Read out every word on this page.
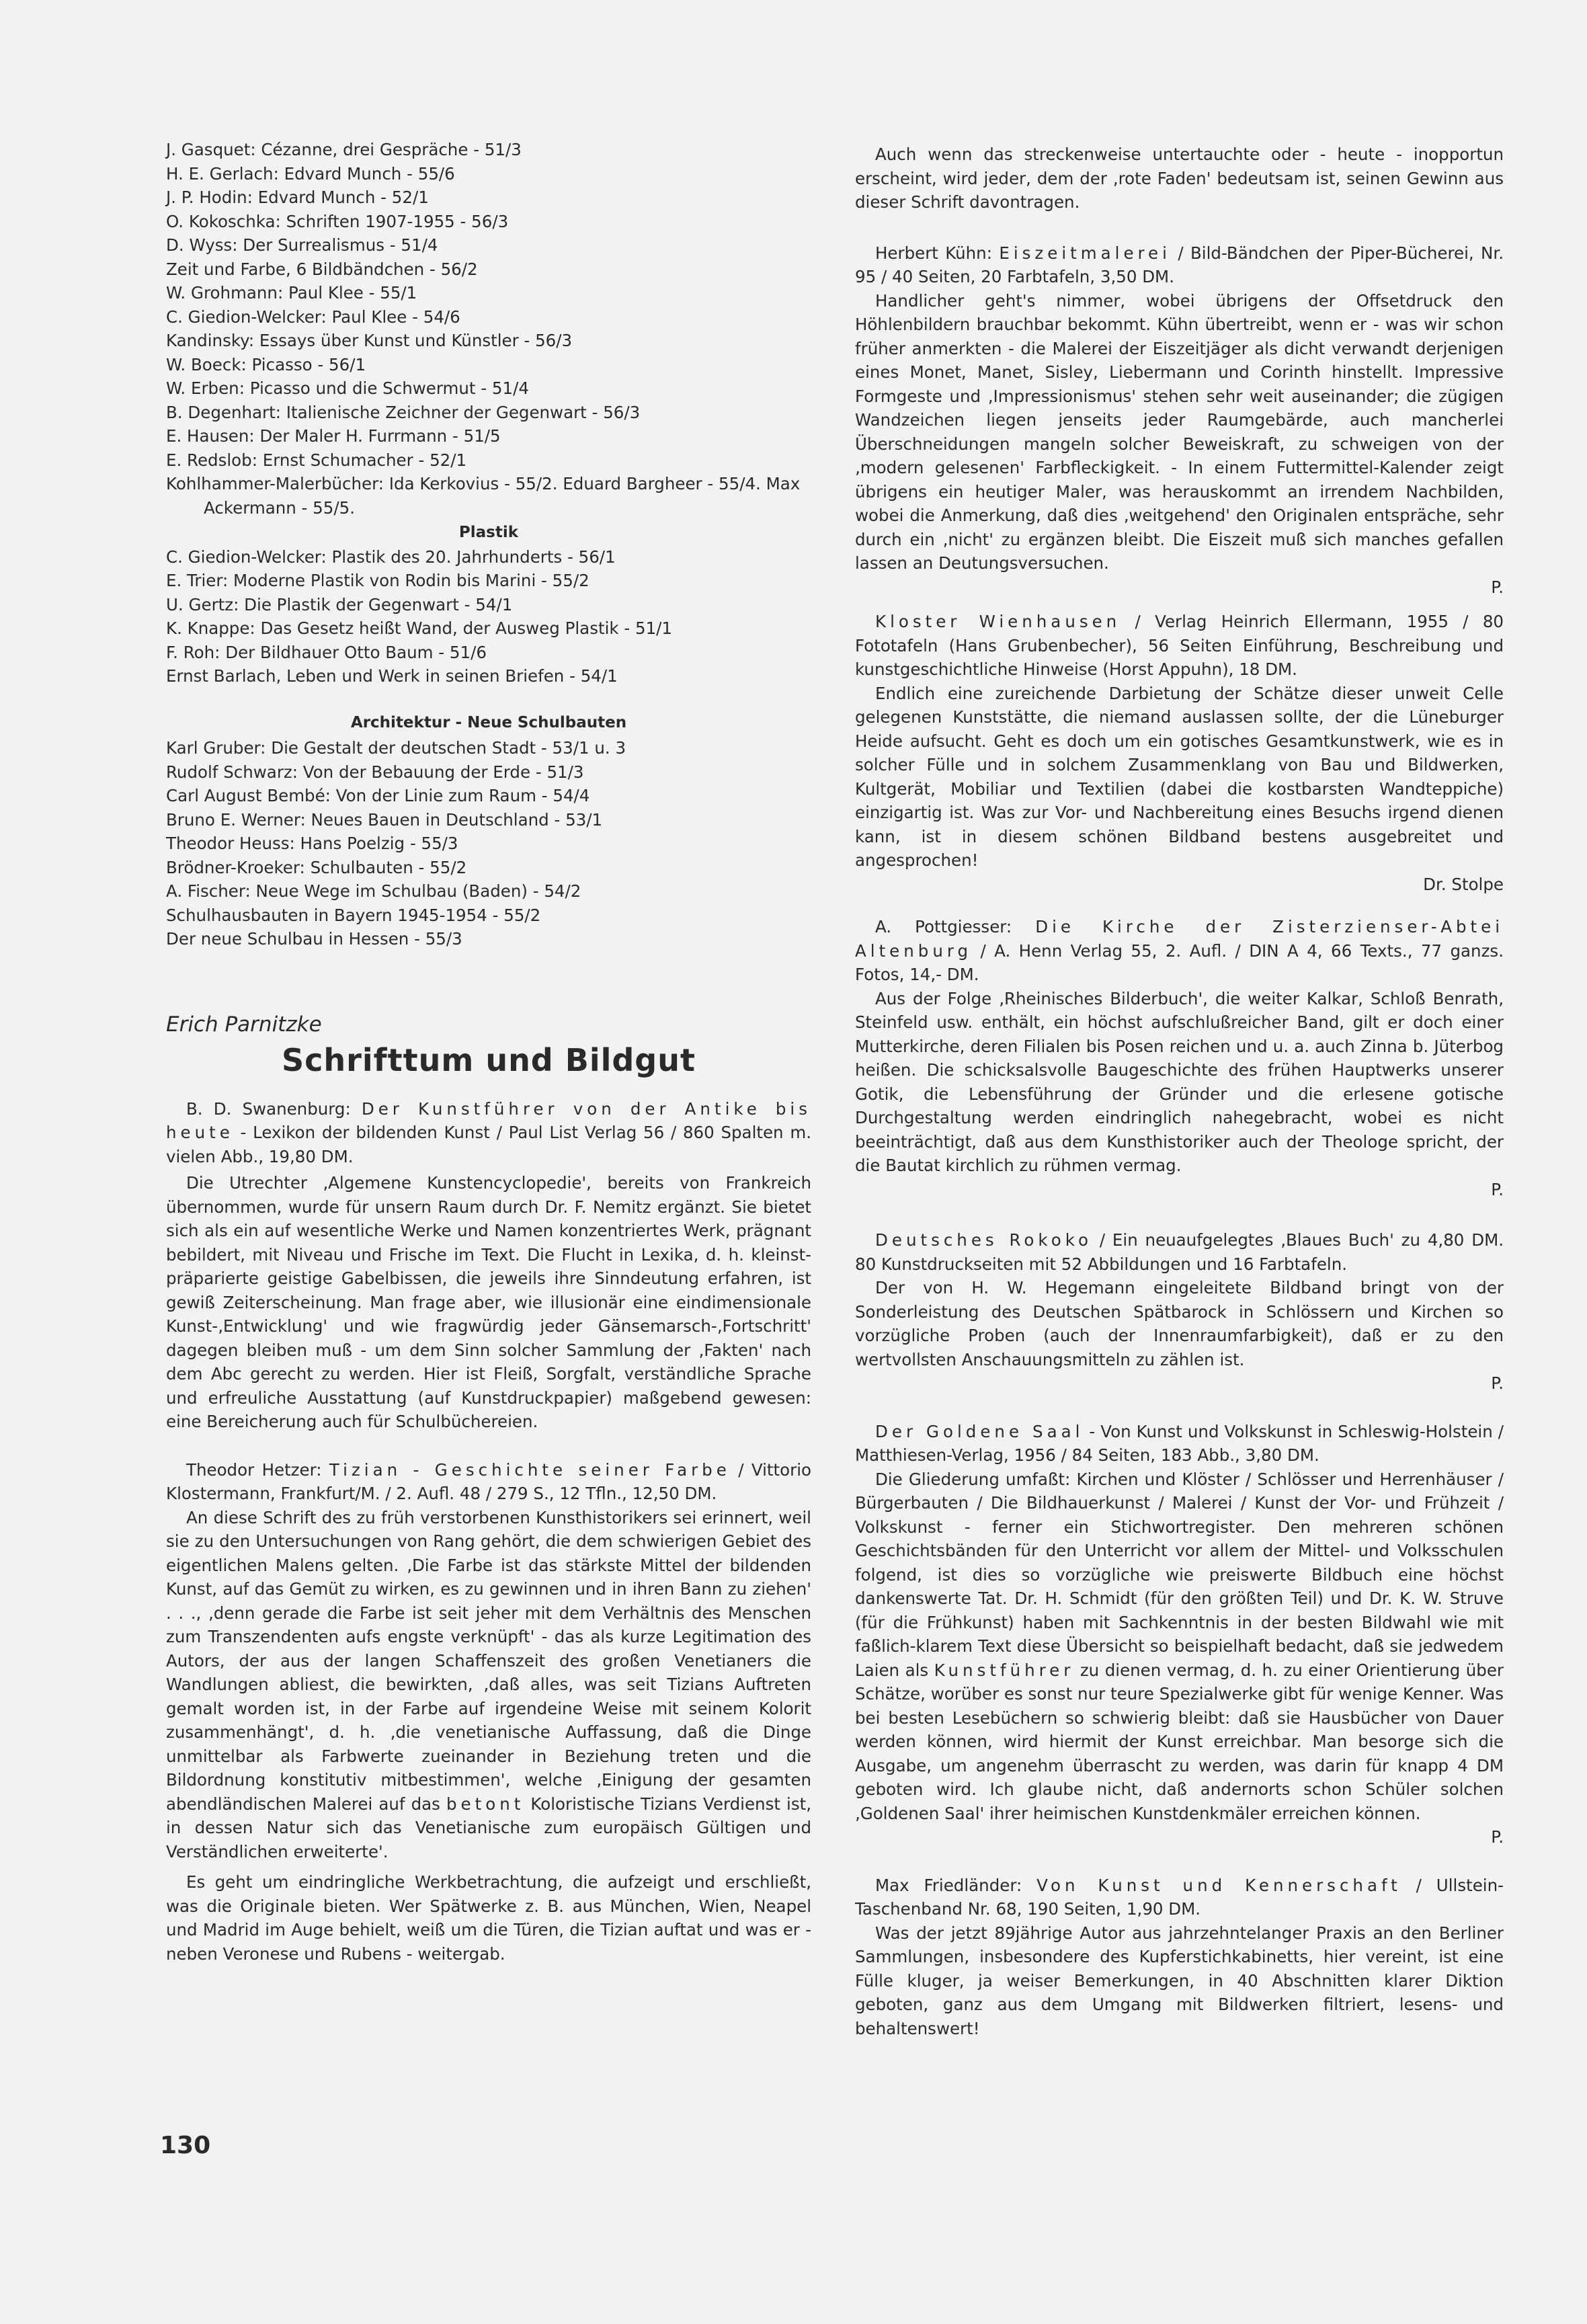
J. Gasquet: Cézanne, drei Gespräche - 51/3

H. E. Gerlach: Edvard Munch - 55/6

J. P. Hodin: Edvard Munch - 52/1

O. Kokoschka: Schriften 1907-1955 - 56/3

D. Wyss: Der Surrealismus - 51/4

Zeit und Farbe, 6 Bildbändchen - 56/2

W. Grohmann: Paul Klee - 55/1

C. Giedion-Welcker: Paul Klee - 54/6

Kandinsky: Essays über Kunst und Künstler - 56/3

W. Boeck: Picasso - 56/1

W. Erben: Picasso und die Schwermut - 51/4

B. Degenhart: Italienische Zeichner der Gegenwart - 56/3

E. Hausen: Der Maler H. Furrmann - 51/5

E. Redslob: Ernst Schumacher - 52/1

Kohlhammer-Malerbücher: Ida Kerkovius - 55/2. Eduard Bargheer - 55/4. Max Ackermann - 55/5.

Plastik

C. Giedion-Welcker: Plastik des 20. Jahrhunderts - 56/1

E. Trier: Moderne Plastik von Rodin bis Marini - 55/2

U. Gertz: Die Plastik der Gegenwart - 54/1

K. Knappe: Das Gesetz heißt Wand, der Ausweg Plastik - 51/1

F. Roh: Der Bildhauer Otto Baum - 51/6

Ernst Barlach, Leben und Werk in seinen Briefen - 54/1

Architektur - Neue Schulbauten

Karl Gruber: Die Gestalt der deutschen Stadt - 53/1 u. 3

Rudolf Schwarz: Von der Bebauung der Erde - 51/3

Carl August Bembé: Von der Linie zum Raum - 54/4

Bruno E. Werner: Neues Bauen in Deutschland - 53/1

Theodor Heuss: Hans Poelzig - 55/3

Brödner-Kroeker: Schulbauten - 55/2

A. Fischer: Neue Wege im Schulbau (Baden) - 54/2

Schulhausbauten in Bayern 1945-1954 - 55/2

Der neue Schulbau in Hessen - 55/3

Erich Parnitzke

Schrifttum und Bildgut

B. D. Swanenburg: Der Kunstführer von der Antike bis heute - Lexikon der bildenden Kunst / Paul List Verlag 56 / 860 Spalten m. vielen Abb., 19,80 DM.

Die Utrechter ‚Algemene Kunstencyclopedie', bereits von Frankreich übernommen, wurde für unsern Raum durch Dr. F. Nemitz ergänzt. Sie bietet sich als ein auf wesentliche Werke und Namen konzentriertes Werk, prägnant bebildert, mit Niveau und Frische im Text. Die Flucht in Lexika, d. h. kleinst-präparierte geistige Gabelbissen, die jeweils ihre Sinndeutung erfahren, ist gewiß Zeiterscheinung. Man frage aber, wie illusionär eine eindimensionale Kunst-‚Entwicklung' und wie fragwürdig jeder Gänsemarsch-‚Fortschritt' dagegen bleiben muß - um dem Sinn solcher Sammlung der ‚Fakten' nach dem Abc gerecht zu werden. Hier ist Fleiß, Sorgfalt, verständliche Sprache und erfreuliche Ausstattung (auf Kunstdruckpapier) maßgebend gewesen: eine Bereicherung auch für Schulbüchereien.

Theodor Hetzer: Tizian - Geschichte seiner Farbe / Vittorio Klostermann, Frankfurt/M. / 2. Aufl. 48 / 279 S., 12 Tfln., 12,50 DM.

An diese Schrift des zu früh verstorbenen Kunsthistorikers sei erinnert, weil sie zu den Untersuchungen von Rang gehört, die dem schwierigen Gebiet des eigentlichen Malens gelten. ‚Die Farbe ist das stärkste Mittel der bildenden Kunst, auf das Gemüt zu wirken, es zu gewinnen und in ihren Bann zu ziehen' . . ., ‚denn gerade die Farbe ist seit jeher mit dem Verhältnis des Menschen zum Transzendenten aufs engste verknüpft' - das als kurze Legitimation des Autors, der aus der langen Schaffenszeit des großen Venetianers die Wandlungen abliest, die bewirkten, ‚daß alles, was seit Tizians Auftreten gemalt worden ist, in der Farbe auf irgendeine Weise mit seinem Kolorit zusammenhängt', d. h. ‚die venetianische Auffassung, daß die Dinge unmittelbar als Farbwerte zueinander in Beziehung treten und die Bildordnung konstitutiv mitbestimmen', welche ‚Einigung der gesamten abendländischen Malerei auf das betont Koloristische Tizians Verdienst ist, in dessen Natur sich das Venetianische zum europäisch Gültigen und Verständlichen erweiterte'.

Es geht um eindringliche Werkbetrachtung, die aufzeigt und erschließt, was die Originale bieten. Wer Spätwerke z. B. aus München, Wien, Neapel und Madrid im Auge behielt, weiß um die Türen, die Tizian auftat und was er - neben Veronese und Rubens - weitergab.

130

Auch wenn das streckenweise untertauchte oder - heute - inopportun erscheint, wird jeder, dem der ‚rote Faden' bedeutsam ist, seinen Gewinn aus dieser Schrift davontragen.

Herbert Kühn: Eiszeitmalerei / Bild-Bändchen der Piper-Bücherei, Nr. 95 / 40 Seiten, 20 Farbtafeln, 3,50 DM.

Handlicher geht's nimmer, wobei übrigens der Offsetdruck den Höhlenbildern brauchbar bekommt. Kühn übertreibt, wenn er - was wir schon früher anmerkten - die Malerei der Eiszeitjäger als dicht verwandt derjenigen eines Monet, Manet, Sisley, Liebermann und Corinth hinstellt. Impressive Formgeste und ‚Impressionismus' stehen sehr weit auseinander; die zügigen Wandzeichen liegen jenseits jeder Raumgebärde, auch mancherlei Überschneidungen mangeln solcher Beweiskraft, zu schweigen von der ‚modern gelesenen' Farbfleckigkeit. - In einem Futtermittel-Kalender zeigt übrigens ein heutiger Maler, was herauskommt an irrendem Nachbilden, wobei die Anmerkung, daß dies ‚weitgehend' den Originalen entspräche, sehr durch ein ‚nicht' zu ergänzen bleibt. Die Eiszeit muß sich manches gefallen lassen an Deutungsversuchen.

P.

Kloster Wienhausen / Verlag Heinrich Ellermann, 1955 / 80 Fototafeln (Hans Grubenbecher), 56 Seiten Einführung, Beschreibung und kunstgeschichtliche Hinweise (Horst Appuhn), 18 DM.

Endlich eine zureichende Darbietung der Schätze dieser unweit Celle gelegenen Kunststätte, die niemand auslassen sollte, der die Lüneburger Heide aufsucht. Geht es doch um ein gotisches Gesamtkunstwerk, wie es in solcher Fülle und in solchem Zusammenklang von Bau und Bildwerken, Kultgerät, Mobiliar und Textilien (dabei die kostbarsten Wandteppiche) einzigartig ist. Was zur Vor- und Nachbereitung eines Besuchs irgend dienen kann, ist in diesem schönen Bildband bestens ausgebreitet und angesprochen!

Dr. Stolpe

A. Pottgiesser: Die Kirche der Zisterzienser-Abtei Altenburg / A. Henn Verlag 55, 2. Aufl. / DIN A 4, 66 Texts., 77 ganzs. Fotos, 14,- DM.

Aus der Folge ‚Rheinisches Bilderbuch', die weiter Kalkar, Schloß Benrath, Steinfeld usw. enthält, ein höchst aufschlußreicher Band, gilt er doch einer Mutterkirche, deren Filialen bis Posen reichen und u. a. auch Zinna b. Jüterbog heißen. Die schicksalsvolle Baugeschichte des frühen Hauptwerks unserer Gotik, die Lebensführung der Gründer und die erlesene gotische Durchgestaltung werden eindringlich nahegebracht, wobei es nicht beeinträchtigt, daß aus dem Kunsthistoriker auch der Theologe spricht, der die Bautat kirchlich zu rühmen vermag.

P.

Deutsches Rokoko / Ein neuaufgelegtes ‚Blaues Buch' zu 4,80 DM. 80 Kunstdruckseiten mit 52 Abbildungen und 16 Farbtafeln.

Der von H. W. Hegemann eingeleitete Bildband bringt von der Sonderleistung des Deutschen Spätbarock in Schlössern und Kirchen so vorzügliche Proben (auch der Innenraumfarbigkeit), daß er zu den wertvollsten Anschauungsmitteln zu zählen ist.

P.

Der Goldene Saal - Von Kunst und Volkskunst in Schleswig-Holstein / Matthiesen-Verlag, 1956 / 84 Seiten, 183 Abb., 3,80 DM.

Die Gliederung umfaßt: Kirchen und Klöster / Schlösser und Herrenhäuser / Bürgerbauten / Die Bildhauerkunst / Malerei / Kunst der Vor- und Frühzeit / Volkskunst - ferner ein Stichwortregister. Den mehreren schönen Geschichtsbänden für den Unterricht vor allem der Mittel- und Volksschulen folgend, ist dies so vorzügliche wie preiswerte Bildbuch eine höchst dankenswerte Tat. Dr. H. Schmidt (für den größten Teil) und Dr. K. W. Struve (für die Frühkunst) haben mit Sachkenntnis in der besten Bildwahl wie mit faßlich-klarem Text diese Übersicht so beispielhaft bedacht, daß sie jedwedem Laien als Kunstführer zu dienen vermag, d. h. zu einer Orientierung über Schätze, worüber es sonst nur teure Spezialwerke gibt für wenige Kenner. Was bei besten Lesebüchern so schwierig bleibt: daß sie Hausbücher von Dauer werden können, wird hiermit der Kunst erreichbar. Man besorge sich die Ausgabe, um angenehm überrascht zu werden, was darin für knapp 4 DM geboten wird. Ich glaube nicht, daß andernorts schon Schüler solchen ‚Goldenen Saal' ihrer heimischen Kunstdenkmäler erreichen können.

P.

Max Friedländer: Von Kunst und Kennerschaft / Ullstein-Taschenband Nr. 68, 190 Seiten, 1,90 DM.

Was der jetzt 89jährige Autor aus jahrzehntelanger Praxis an den Berliner Sammlungen, insbesondere des Kupferstichkabinetts, hier vereint, ist eine Fülle kluger, ja weiser Bemerkungen, in 40 Abschnitten klarer Diktion geboten, ganz aus dem Umgang mit Bildwerken filtriert, lesens- und behaltenswert!
